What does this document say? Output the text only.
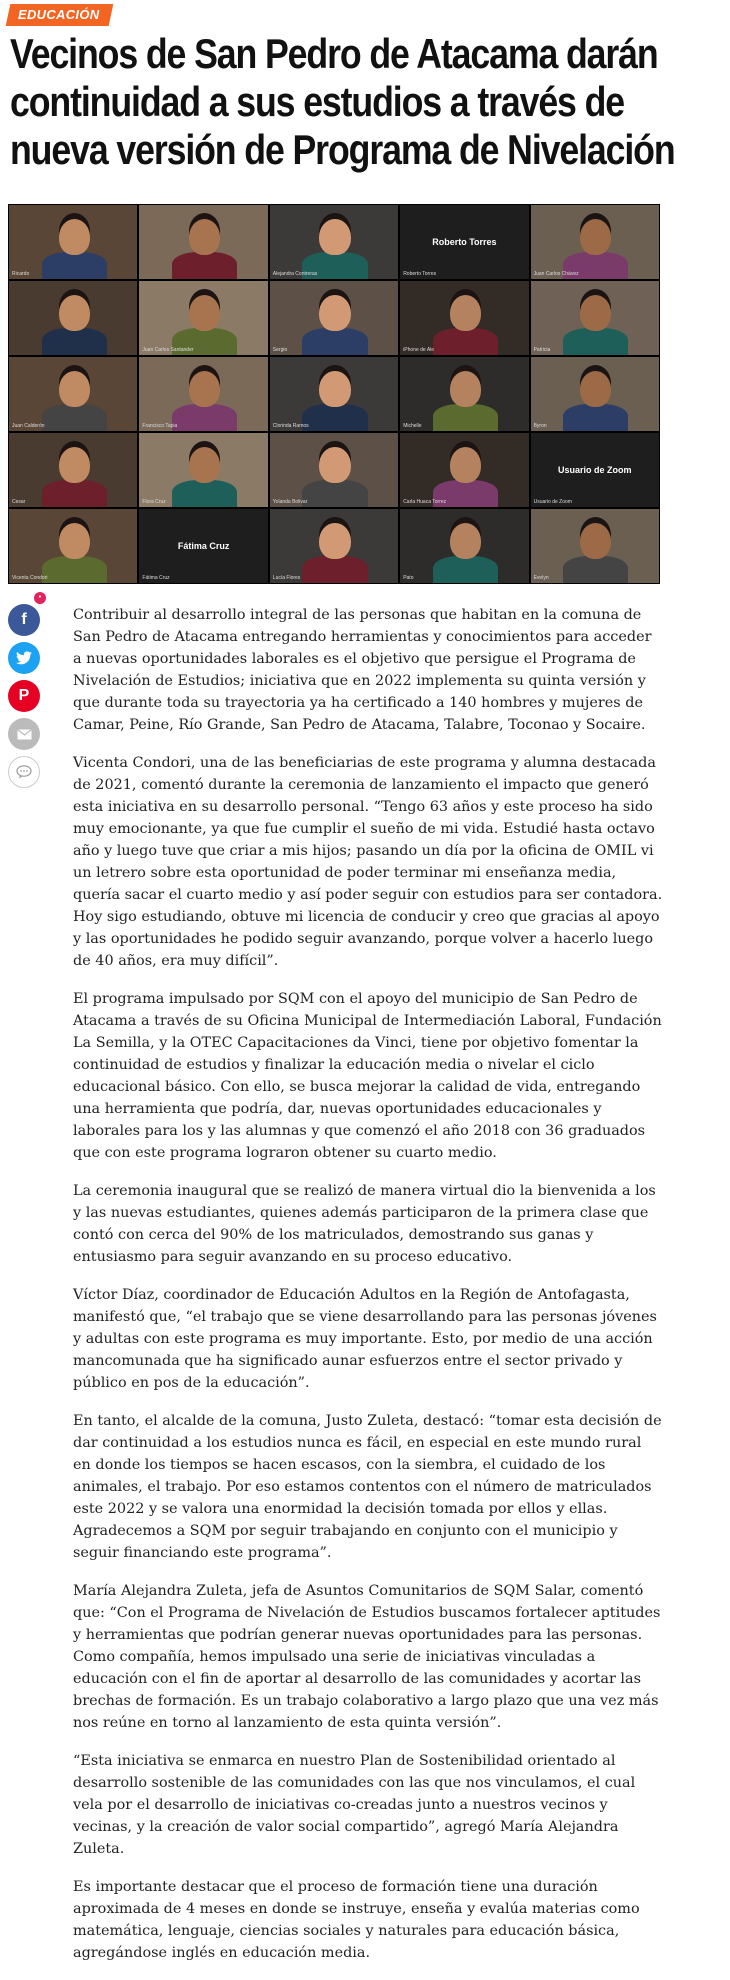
EDUCACIÓN
Vecinos de San Pedro de Atacama darán continuidad a sus estudios a través de nueva versión de Programa de Nivelación
Ricardo	Alejandra Contreras
Roberto Torres
Roberto Torres	Juan Carlos Chávez
Juan Carlos Santander	Sergio	iPhone de Ale	Patricia
Juan Calderón	Francisco Tapia	Clorinda Ramos	Michelle	Byron
Cesar	Flora Cruz	Yolanda Bolivar	Carla Huaca Torrez
Usuario de Zoom
Usuario de Zoom
Vicenta Condori
Fátima Cruz
Fátima Cruz	Lucía Flores	Pato	Evelyn
•
f
P

Contribuir al desarrollo integral de las personas que habitan en la comuna de San Pedro de Atacama entregando herramientas y conocimientos para acceder a nuevas oportunidades laborales es el objetivo que persigue el Programa de Nivelación de Estudios; iniciativa que en 2022 implementa su quinta versión y que durante toda su trayectoria ya ha certificado a 140 hombres y mujeres de Camar, Peine, Río Grande, San Pedro de Atacama, Talabre, Toconao y Socaire.

Vicenta Condori, una de las beneficiarias de este programa y alumna destacada de 2021, comentó durante la ceremonia de lanzamiento el impacto que generó esta iniciativa en su desarrollo personal. “Tengo 63 años y este proceso ha sido muy emocionante, ya que fue cumplir el sueño de mi vida. Estudié hasta octavo año y luego tuve que criar a mis hijos; pasando un día por la oficina de OMIL vi un letrero sobre esta oportunidad de poder terminar mi enseñanza media, quería sacar el cuarto medio y así poder seguir con estudios para ser contadora. Hoy sigo estudiando, obtuve mi licencia de conducir y creo que gracias al apoyo y las oportunidades he podido seguir avanzando, porque volver a hacerlo luego de 40 años, era muy difícil”.

El programa impulsado por SQM con el apoyo del municipio de San Pedro de Atacama a través de su Oficina Municipal de Intermediación Laboral, Fundación La Semilla, y la OTEC Capacitaciones da Vinci, tiene por objetivo fomentar la continuidad de estudios y finalizar la educación media o nivelar el ciclo educacional básico. Con ello, se busca mejorar la calidad de vida, entregando una herramienta que podría, dar, nuevas oportunidades educacionales y laborales para los y las alumnas y que comenzó el año 2018 con 36 graduados que con este programa lograron obtener su cuarto medio.

La ceremonia inaugural que se realizó de manera virtual dio la bienvenida a los y las nuevas estudiantes, quienes además participaron de la primera clase que contó con cerca del 90% de los matriculados, demostrando sus ganas y entusiasmo para seguir avanzando en su proceso educativo.

Víctor Díaz, coordinador de Educación Adultos en la Región de Antofagasta, manifestó que, “el trabajo que se viene desarrollando para las personas jóvenes y adultas con este programa es muy importante. Esto, por medio de una acción mancomunada que ha significado aunar esfuerzos entre el sector privado y público en pos de la educación”.

En tanto, el alcalde de la comuna, Justo Zuleta, destacó: “tomar esta decisión de dar continuidad a los estudios nunca es fácil, en especial en este mundo rural en donde los tiempos se hacen escasos, con la siembra, el cuidado de los animales, el trabajo. Por eso estamos contentos con el número de matriculados este 2022 y se valora una enormidad la decisión tomada por ellos y ellas. Agradecemos a SQM por seguir trabajando en conjunto con el municipio y seguir financiando este programa”.

María Alejandra Zuleta, jefa de Asuntos Comunitarios de SQM Salar, comentó que: “Con el Programa de Nivelación de Estudios buscamos fortalecer aptitudes y herramientas que podrían generar nuevas oportunidades para las personas. Como compañía, hemos impulsado una serie de iniciativas vinculadas a educación con el fin de aportar al desarrollo de las comunidades y acortar las brechas de formación. Es un trabajo colaborativo a largo plazo que una vez más nos reúne en torno al lanzamiento de esta quinta versión”.

“Esta iniciativa se enmarca en nuestro Plan de Sostenibilidad orientado al desarrollo sostenible de las comunidades con las que nos vinculamos, el cual vela por el desarrollo de iniciativas co-creadas junto a nuestros vecinos y vecinas, y la creación de valor social compartido”, agregó María Alejandra Zuleta.

Es importante destacar que el proceso de formación tiene una duración aproximada de 4 meses en donde se instruye, enseña y evalúa materias como matemática, lenguaje, ciencias sociales y naturales para educación básica, agregándose inglés en educación media.
